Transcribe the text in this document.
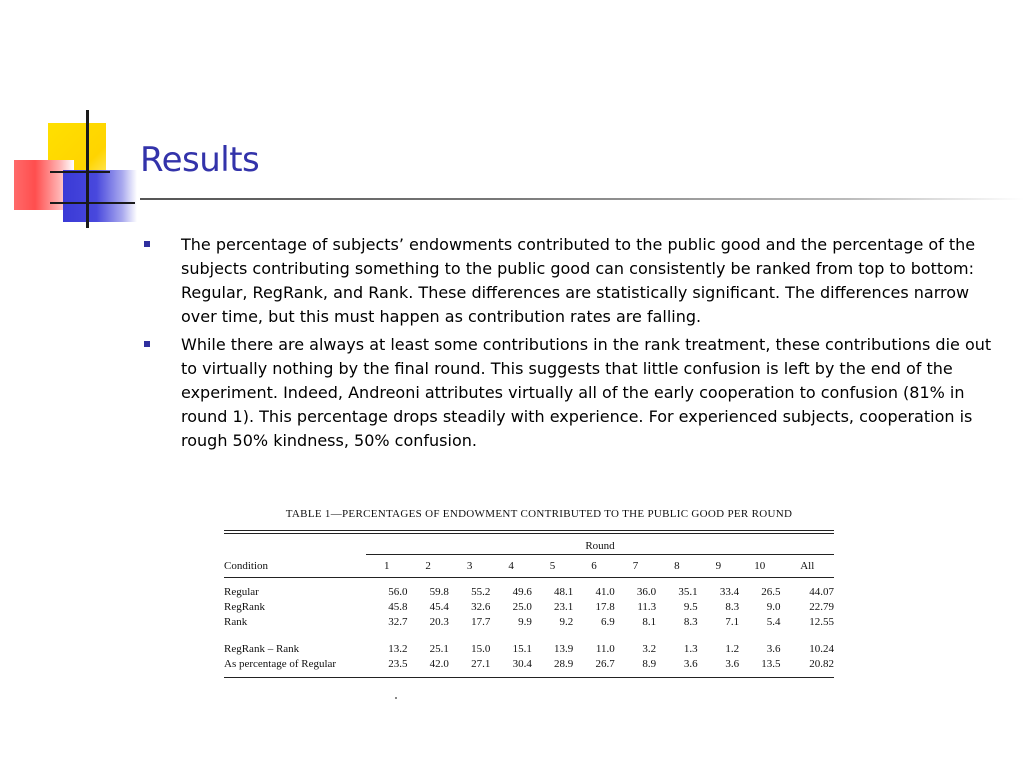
Results
The percentage of subjects’ endowments contributed to the public good and the percentage of the subjects contributing something to the public good can consistently be ranked from top to bottom: Regular, RegRank, and Rank. These differences are statistically significant. The differences narrow over time, but this must happen as contribution rates are falling.
While there are always at least some contributions in the rank treatment, these contributions die out to virtually nothing by the final round. This suggests that little confusion is left by the end of the experiment. Indeed, Andreoni attributes virtually all of the early cooperation to confusion (81% in round 1). This percentage drops steadily with experience. For experienced subjects, cooperation is rough 50% kindness, 50% confusion.
TABLE 1—PERCENTAGES OF ENDOWMENT CONTRIBUTED TO THE PUBLIC GOOD PER ROUND
	Round										
Condition	1	2	3	4	5	6	7	8	9	10	All
Regular	56.0	59.8	55.2	49.6	48.1	41.0	36.0	35.1	33.4	26.5	44.07
RegRank	45.8	45.4	32.6	25.0	23.1	17.8	11.3	9.5	8.3	9.0	22.79
Rank	32.7	20.3	17.7	9.9	9.2	6.9	8.1	8.3	7.1	5.4	12.55

RegRank – Rank	13.2	25.1	15.0	15.1	13.9	11.0	3.2	1.3	1.2	3.6	10.24
As percentage of Regular	23.5	42.0	27.1	30.4	28.9	26.7	8.9	3.6	3.6	13.5	20.82
